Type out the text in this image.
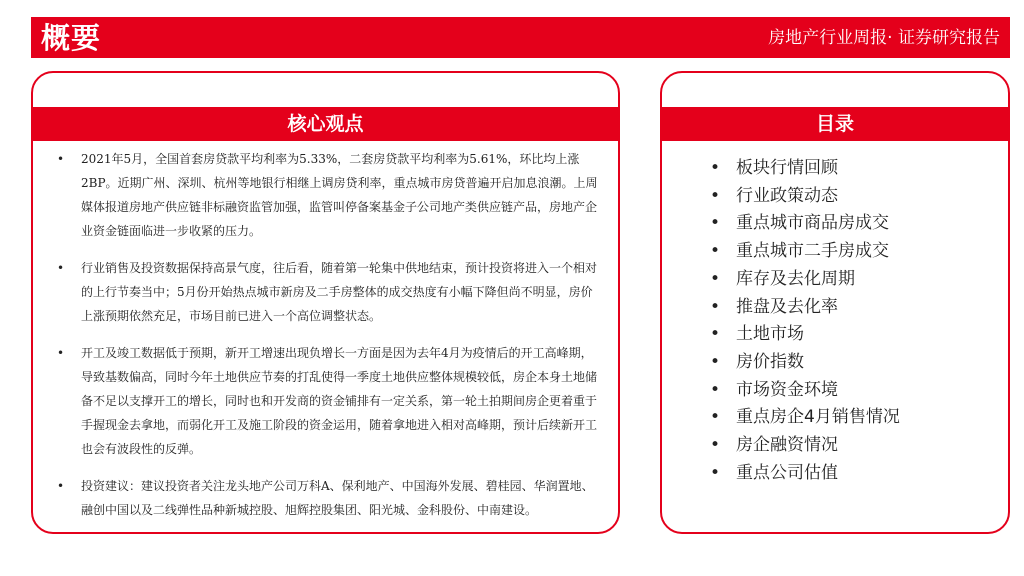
概要	房地产行业周报· 证券研究报告
核心观点
• 2021年5月，全国首套房贷款平均利率为5.33%，二套房贷款平均利率为5.61%，环比均上涨2BP。近期广州、深圳、杭州等地银行相继上调房贷利率，重点城市房贷普遍开启加息浪潮。上周媒体报道房地产供应链非标融资监管加强，监管叫停备案基金子公司地产类供应链产品，房地产企业资金链面临进一步收紧的压力。
• 行业销售及投资数据保持高景气度，往后看，随着第一轮集中供地结束，预计投资将进入一个相对的上行节奏当中；5月份开始热点城市新房及二手房整体的成交热度有小幅下降但尚不明显，房价上涨预期依然充足，市场目前已进入一个高位调整状态。
• 开工及竣工数据低于预期，新开工增速出现负增长一方面是因为去年4月为疫情后的开工高峰期，导致基数偏高，同时今年土地供应节奏的打乱使得一季度土地供应整体规模较低，房企本身土地储备不足以支撑开工的增长，同时也和开发商的资金铺排有一定关系，第一轮土拍期间房企更着重于手握现金去拿地，而弱化开工及施工阶段的资金运用，随着拿地进入相对高峰期，预计后续新开工也会有波段性的反弹。
• 投资建议：建议投资者关注龙头地产公司万科A、保利地产、中国海外发展、碧桂园、华润置地、融创中国以及二线弹性品种新城控股、旭辉控股集团、阳光城、金科股份、中南建设。
目录
• 板块行情回顾
• 行业政策动态
• 重点城市商品房成交
• 重点城市二手房成交
• 库存及去化周期
• 推盘及去化率
• 土地市场
• 房价指数
• 市场资金环境
• 重点房企4月销售情况
• 房企融资情况
• 重点公司估值
